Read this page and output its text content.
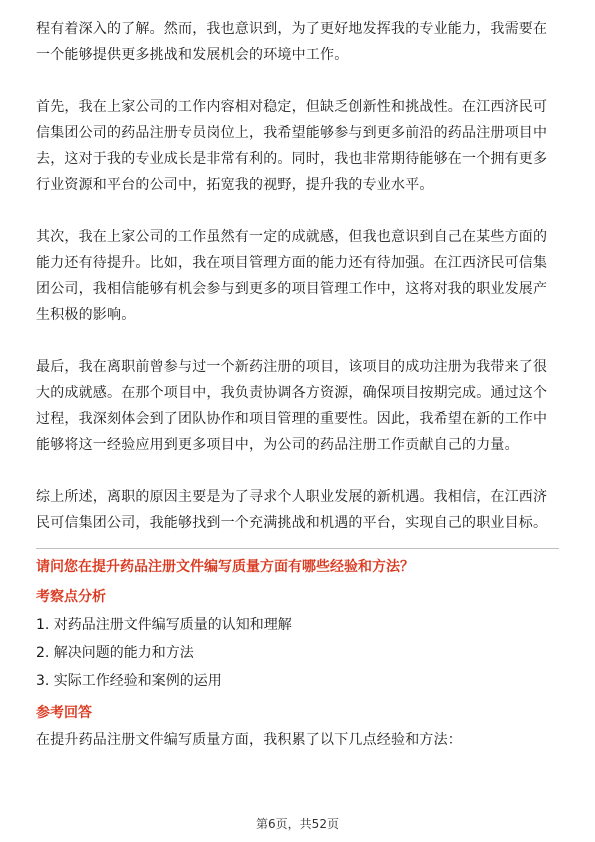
程有着深入的了解。然而，我也意识到，为了更好地发挥我的专业能力，我需要在一个能够提供更多挑战和发展机会的环境中工作。

首先，我在上家公司的工作内容相对稳定，但缺乏创新性和挑战性。在江西济民可信集团公司的药品注册专员岗位上，我希望能够参与到更多前沿的药品注册项目中去，这对于我的专业成长是非常有利的。同时，我也非常期待能够在一个拥有更多行业资源和平台的公司中，拓宽我的视野，提升我的专业水平。

其次，我在上家公司的工作虽然有一定的成就感，但我也意识到自己在某些方面的能力还有待提升。比如，我在项目管理方面的能力还有待加强。在江西济民可信集团公司，我相信能够有机会参与到更多的项目管理工作中，这将对我的职业发展产生积极的影响。

最后，我在离职前曾参与过一个新药注册的项目，该项目的成功注册为我带来了很大的成就感。在那个项目中，我负责协调各方资源，确保项目按期完成。通过这个过程，我深刻体会到了团队协作和项目管理的重要性。因此，我希望在新的工作中能够将这一经验应用到更多项目中，为公司的药品注册工作贡献自己的力量。

综上所述，离职的原因主要是为了寻求个人职业发展的新机遇。我相信，在江西济民可信集团公司，我能够找到一个充满挑战和机遇的平台，实现自己的职业目标。

请问您在提升药品注册文件编写质量方面有哪些经验和方法？

考察点分析

1. 对药品注册文件编写质量的认知和理解
2. 解决问题的能力和方法
3. 实际工作经验和案例的运用

参考回答

在提升药品注册文件编写质量方面，我积累了以下几点经验和方法：

第6页，共52页
